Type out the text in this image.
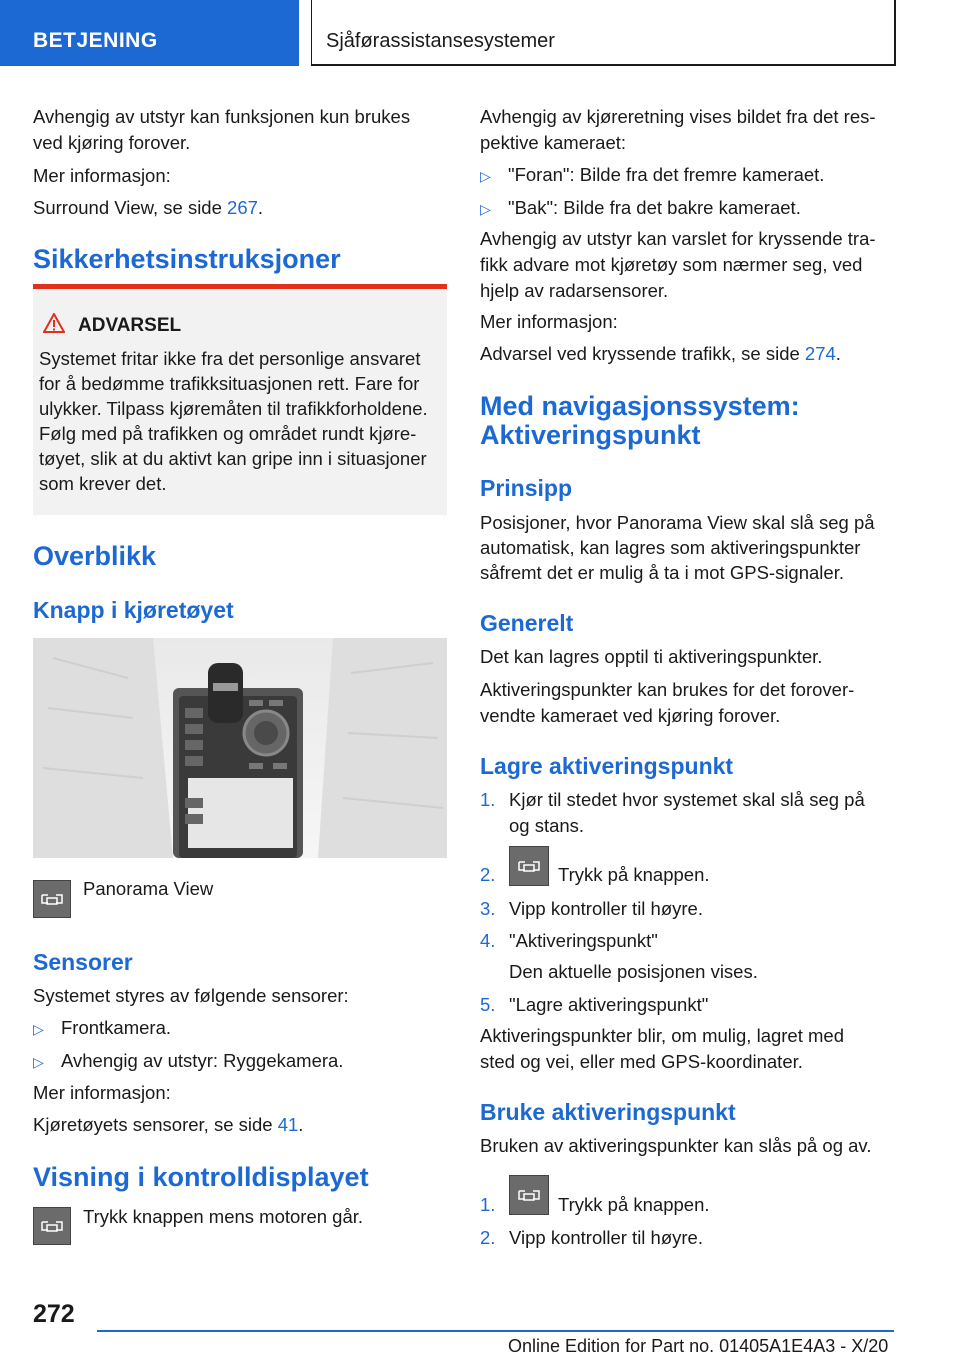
BETJENING	Sjåførassistansesystemer

Avhengig av utstyr kan funksjonen kun brukes

ved kjøring forover.

Mer informasjon:

Surround View, se side 267.

Sikkerhetsinstruksjoner

ADVARSEL
Systemet fritar ikke fra det personlige ansvaret
for å bedømme trafikksituasjonen rett. Fare for
ulykker. Tilpass kjøremåten til trafikkforholdene.
Følg med på trafikken og området rundt kjøre-
tøyet, slik at du aktivt kan gripe inn i situasjoner
som krever det.

Overblikk

Knapp i kjøretøyet

Panorama View

Sensorer

Systemet styres av følgende sensorer:

▷ Frontkamera.

▷ Avhengig av utstyr: Ryggekamera.

Mer informasjon:

Kjøretøyets sensorer, se side 41.

Visning i kontrolldisplayet

Trykk knappen mens motoren går.

Avhengig av kjøreretning vises bildet fra det res-

pektive kameraet:

▷ "Foran": Bilde fra det fremre kameraet.

▷ "Bak": Bilde fra det bakre kameraet.

Avhengig av utstyr kan varslet for kryssende tra-

fikk advare mot kjøretøy som nærmer seg, ved

hjelp av radarsensorer.

Mer informasjon:

Advarsel ved kryssende trafikk, se side 274.

Med navigasjonssystem:

Aktiveringspunkt

Prinsipp

Posisjoner, hvor Panorama View skal slå seg på

automatisk, kan lagres som aktiveringspunkter

såfremt det er mulig å ta i mot GPS-signaler.

Generelt

Det kan lagres opptil ti aktiveringspunkter.

Aktiveringspunkter kan brukes for det forover-

vendte kameraet ved kjøring forover.

Lagre aktiveringspunkt

1. Kjør til stedet hvor systemet skal slå seg på

og stans.

2.	Trykk på knappen.

3. Vipp kontroller til høyre.

4. "Aktiveringspunkt"

Den aktuelle posisjonen vises.

5. "Lagre aktiveringspunkt"

Aktiveringspunkter blir, om mulig, lagret med

sted og vei, eller med GPS-koordinater.

Bruke aktiveringspunkt

Bruken av aktiveringspunkter kan slås på og av.

1.	Trykk på knappen.

2. Vipp kontroller til høyre.

272
Online Edition for Part no. 01405A1E4A3 - X/20
